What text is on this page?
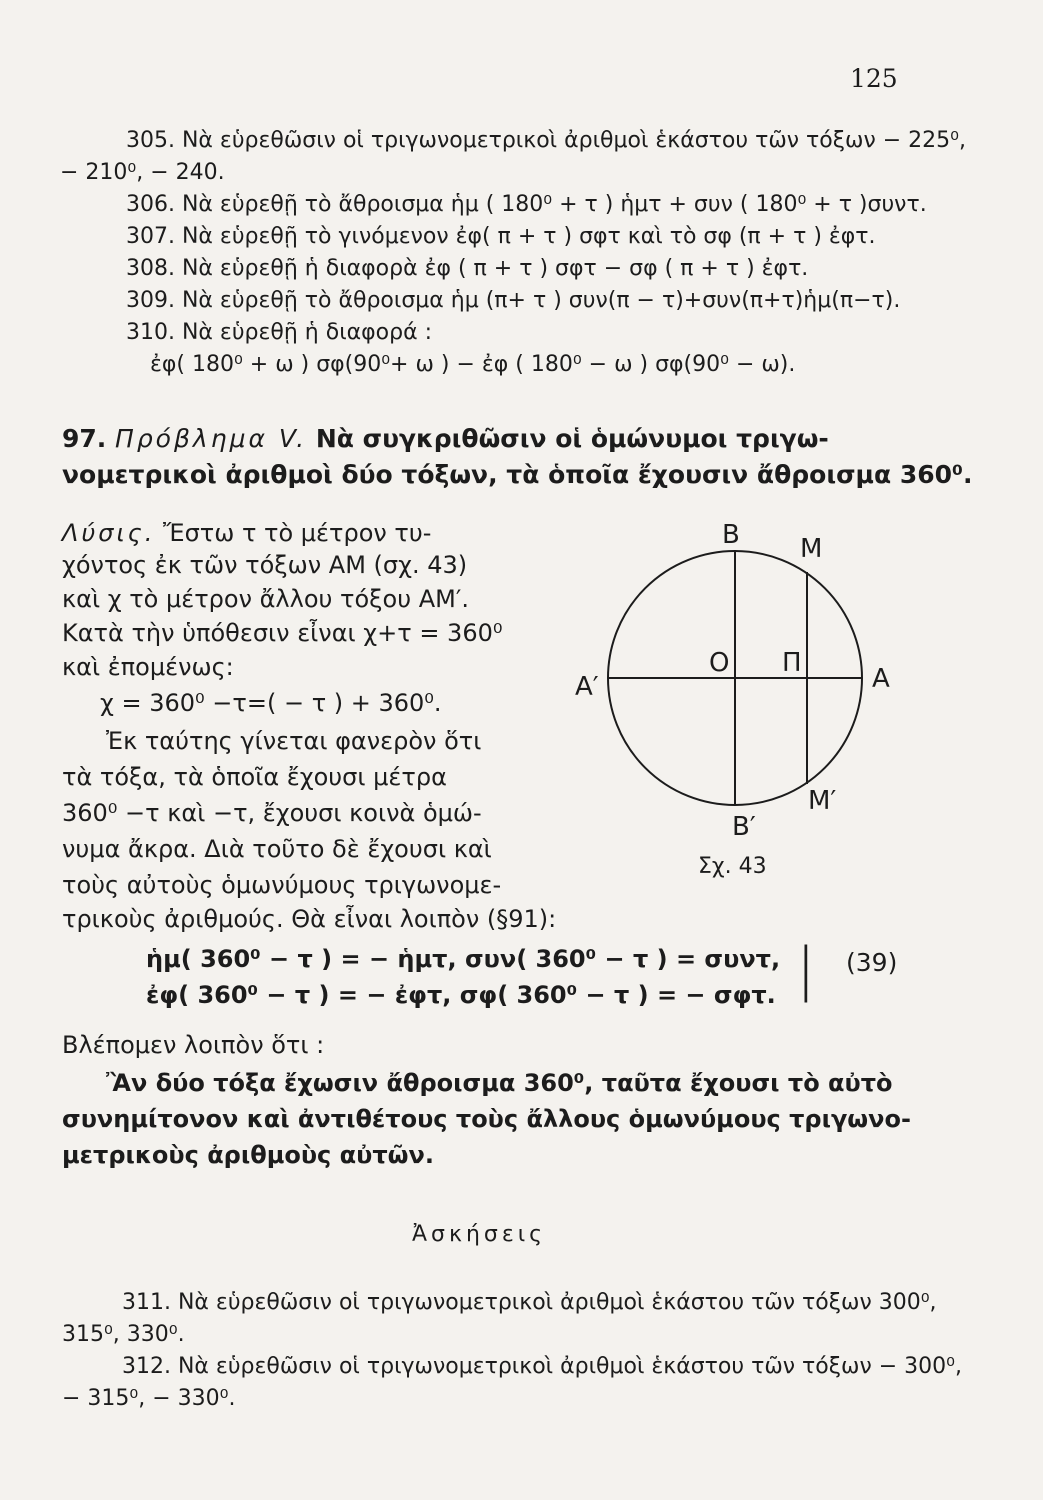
125
305. Νὰ εὑρεθῶσιν οἱ τριγωνομετρικοὶ ἀριθμοὶ ἑκάστου τῶν τόξων − 225⁰,
− 210⁰, − 240.
306. Νὰ εὑρεθῇ τὸ ἄθροισμα ἡμ ( 180⁰ + τ ) ἡμτ + συν ( 180⁰ + τ )συντ.
307. Νὰ εὑρεθῇ τὸ γινόμενον ἐφ( π + τ ) σφτ καὶ τὸ σφ (π + τ ) ἐφτ.
308. Νὰ εὑρεθῇ ἡ διαφορὰ ἐφ ( π + τ ) σφτ − σφ ( π + τ ) ἐφτ.
309. Νὰ εὑρεθῇ τὸ ἄθροισμα ἡμ (π+ τ ) συν(π − τ)+συν(π+τ)ἡμ(π−τ).
310. Νὰ εὑρεθῇ ἡ διαφορά :
ἐφ( 180⁰ + ω ) σφ(90⁰+ ω ) − ἐφ ( 180⁰ − ω ) σφ(90⁰ − ω).
97. Πρόβλημα V. Νὰ συγκριθῶσιν οἱ ὁμώνυμοι τριγω-
νομετρικοὶ ἀριθμοὶ δύο τόξων, τὰ ὁποῖα ἔχουσιν ἄθροισμα 360⁰.
Λύσις. Ἔστω τ τὸ μέτρον τυ-
χόντος ἐκ τῶν τόξων ΑΜ (σχ. 43)
καὶ χ τὸ μέτρον ἄλλου τόξου ΑΜ′.
Κατὰ τὴν ὑπόθεσιν εἶναι χ+τ = 360⁰
καὶ ἐπομένως:
χ = 360⁰ −τ=( − τ ) + 360⁰.
Ἐκ ταύτης γίνεται φανερὸν ὅτι
τὰ τόξα, τὰ ὁποῖα ἔχουσι μέτρα
360⁰ −τ καὶ −τ, ἔχουσι κοινὰ ὁμώ-
νυμα ἄκρα. Διὰ τοῦτο δὲ ἔχουσι καὶ
τοὺς αὐτοὺς ὁμωνύμους τριγωνομε-
τρικοὺς ἀριθμούς. Θὰ εἶναι λοιπὸν (§91):
Β Μ
Α
Α′
Ο Π
Β′
Μ′
Σχ. 43
ἡμ( 360⁰ − τ ) = − ἡμτ, συν( 360⁰ − τ ) = συντ,
ἐφ( 360⁰ − τ ) = − ἐφτ, σφ( 360⁰ − τ ) = − σφτ. | (39)
Βλέπομεν λοιπὸν ὅτι :
Ἂν δύο τόξα ἔχωσιν ἄθροισμα 360⁰, ταῦτα ἔχουσι τὸ αὐτὸ
συνημίτονον καὶ ἀντιθέτους τοὺς ἄλλους ὁμωνύμους τριγωνο-
μετρικοὺς ἀριθμοὺς αὐτῶν.
Ἀσκήσεις
311. Νὰ εὑρεθῶσιν οἱ τριγωνομετρικοὶ ἀριθμοὶ ἑκάστου τῶν τόξων 300⁰,
315⁰, 330⁰.
312. Νὰ εὑρεθῶσιν οἱ τριγωνομετρικοὶ ἀριθμοὶ ἑκάστου τῶν τόξων − 300⁰,
− 315⁰, − 330⁰.
